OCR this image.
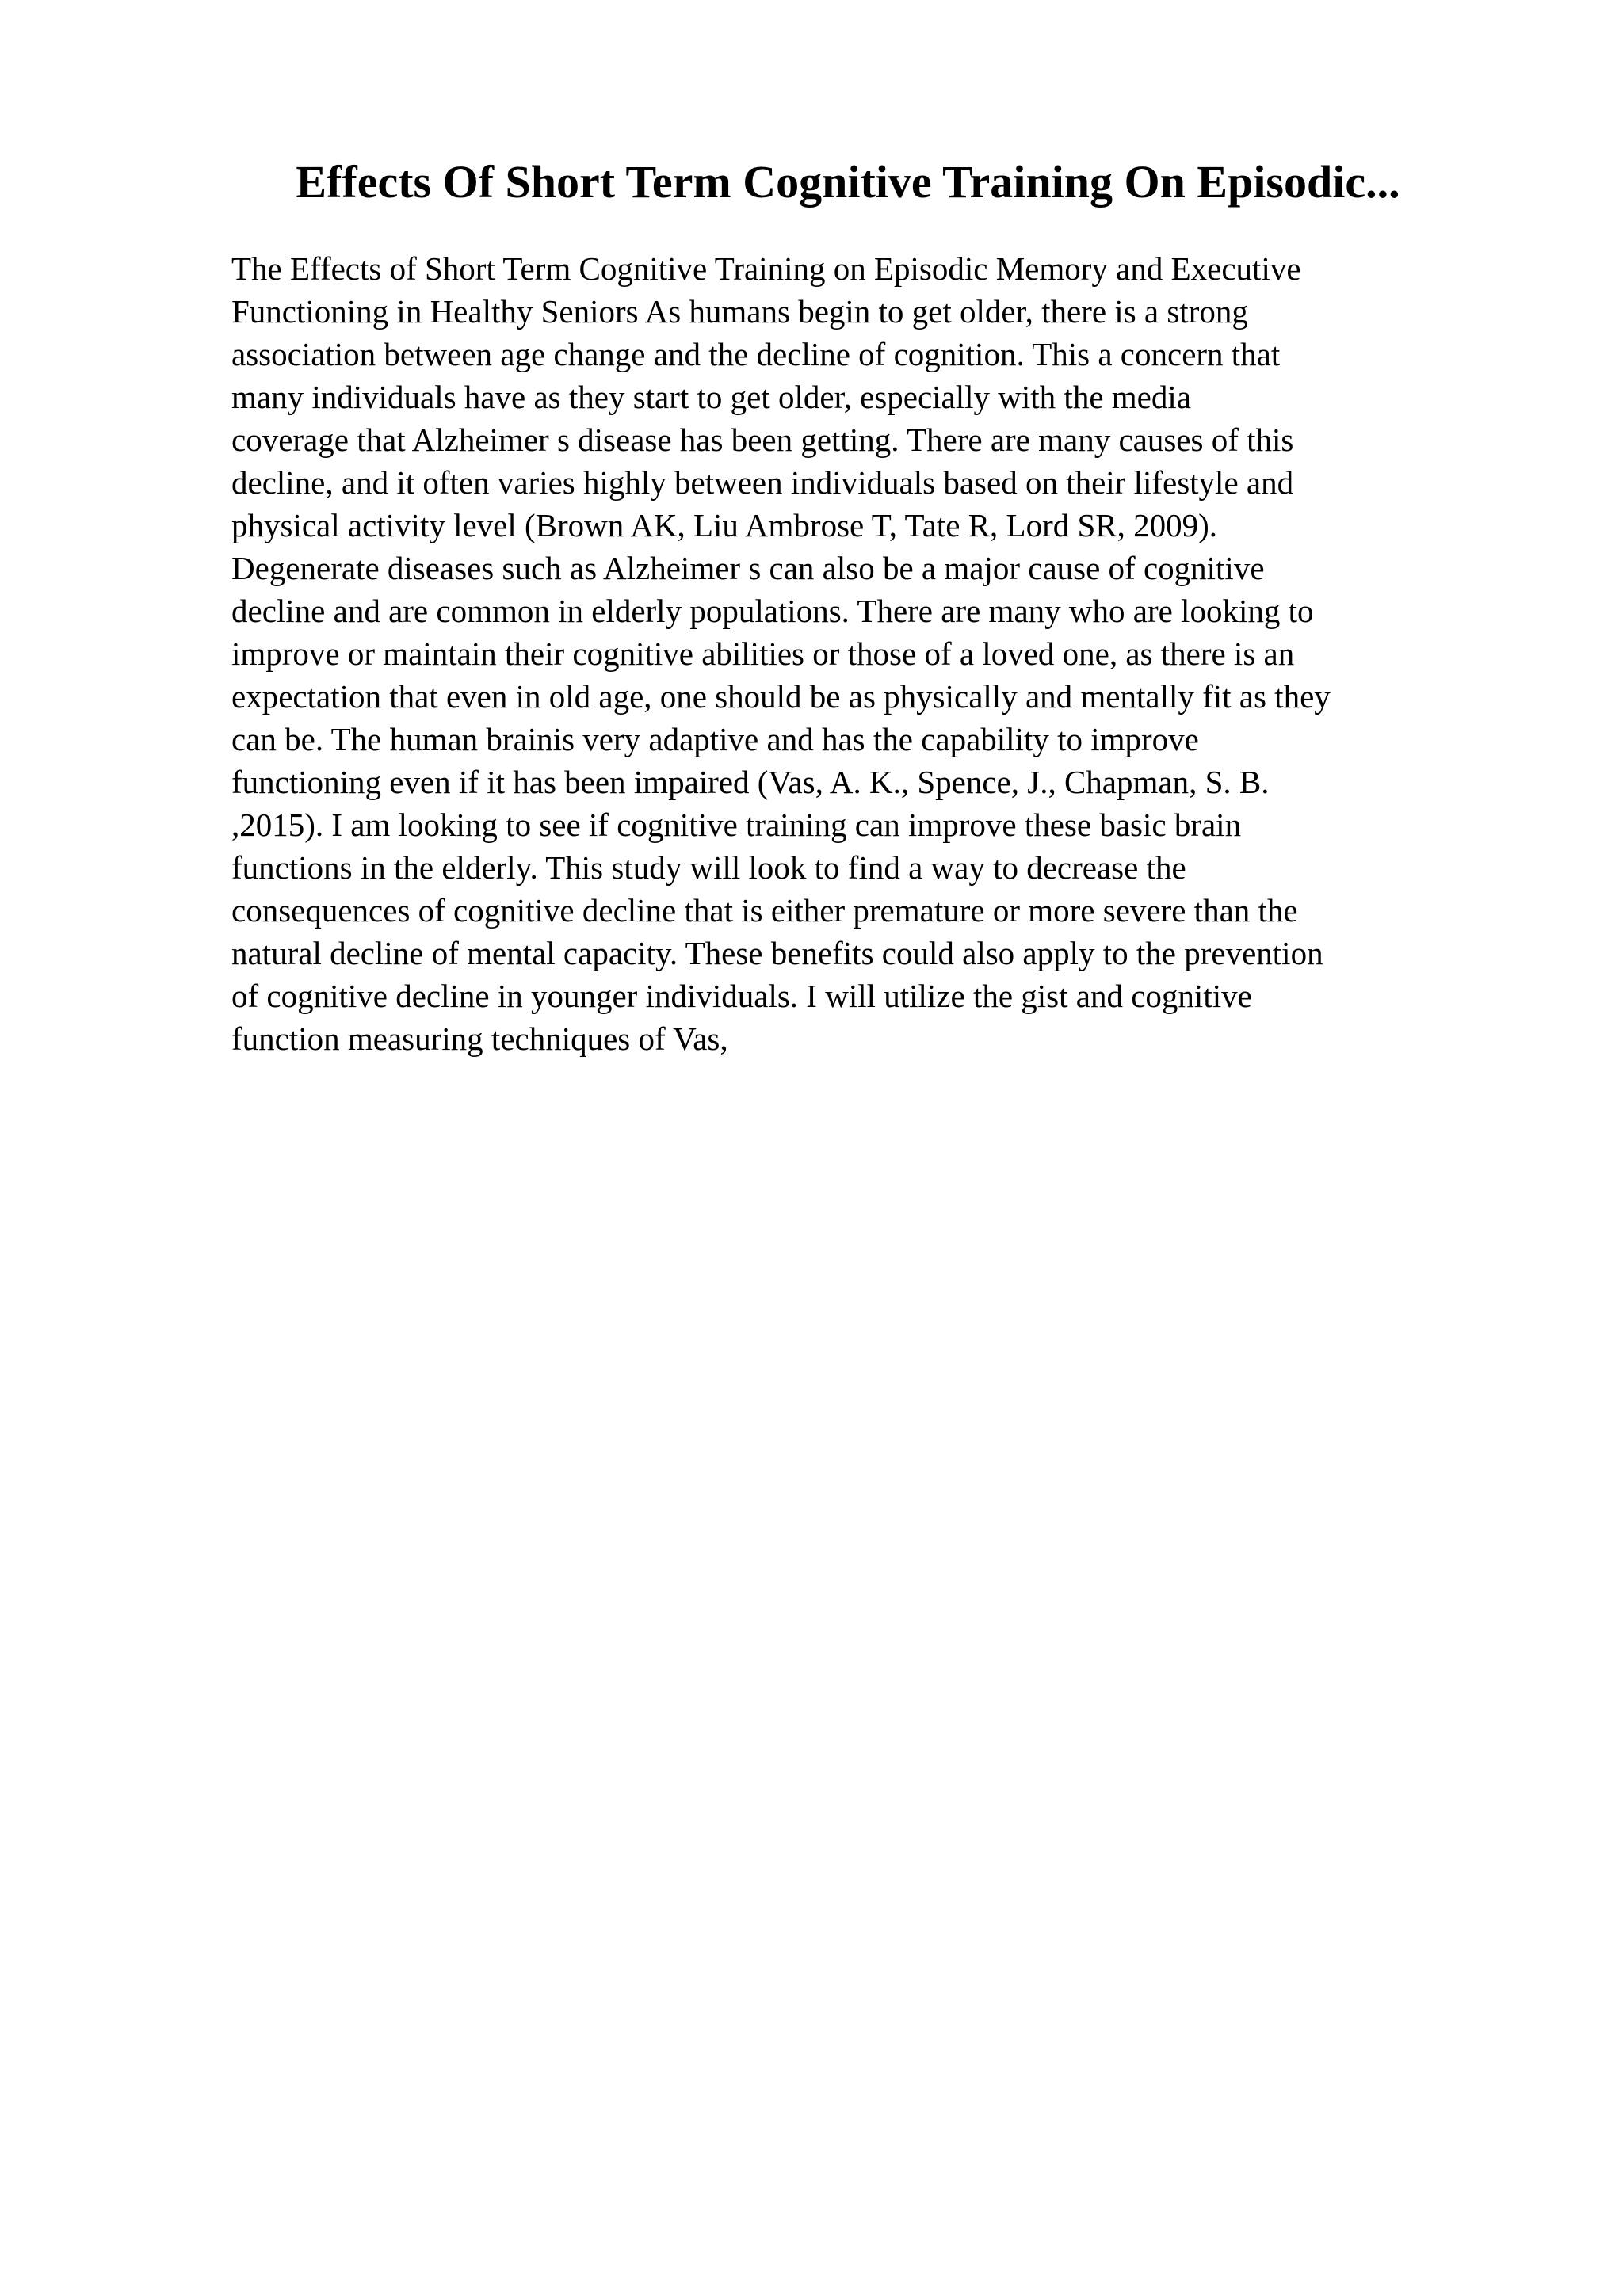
Effects Of Short Term Cognitive Training On Episodic...
The Effects of Short Term Cognitive Training on Episodic Memory and Executive
Functioning in Healthy Seniors As humans begin to get older, there is a strong
association between age change and the decline of cognition. This a concern that
many individuals have as they start to get older, especially with the media
coverage that Alzheimer s disease has been getting. There are many causes of this
decline, and it often varies highly between individuals based on their lifestyle and
physical activity level (Brown AK, Liu Ambrose T, Tate R, Lord SR, 2009).
Degenerate diseases such as Alzheimer s can also be a major cause of cognitive
decline and are common in elderly populations. There are many who are looking to
improve or maintain their cognitive abilities or those of a loved one, as there is an
expectation that even in old age, one should be as physically and mentally fit as they
can be. The human brainis very adaptive and has the capability to improve
functioning even if it has been impaired (Vas, A. K., Spence, J., Chapman, S. B.
,2015). I am looking to see if cognitive training can improve these basic brain
functions in the elderly. This study will look to find a way to decrease the
consequences of cognitive decline that is either premature or more severe than the
natural decline of mental capacity. These benefits could also apply to the prevention
of cognitive decline in younger individuals. I will utilize the gist and cognitive
function measuring techniques of Vas,
